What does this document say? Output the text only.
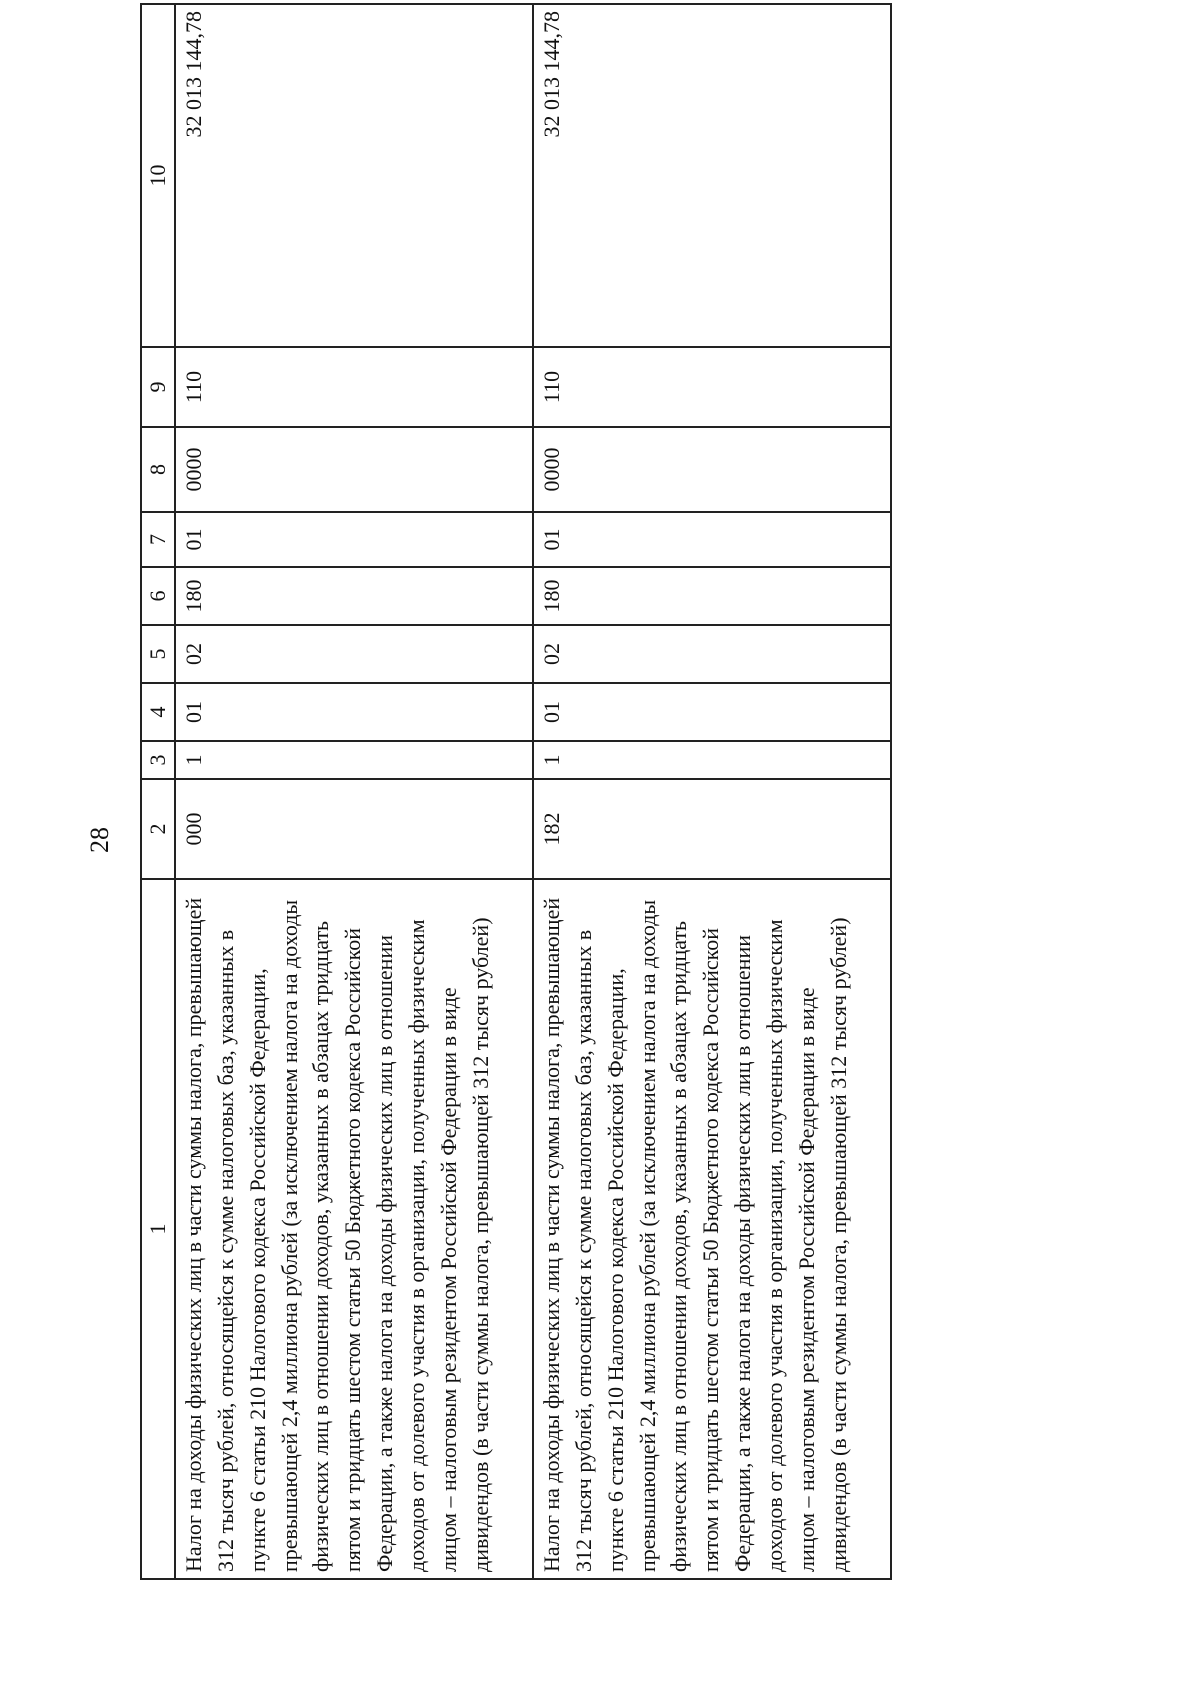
28
1	2	3	4	5	6	7	8	9	10
Налог на доходы физических лиц в части суммы налога, превышающей 312 тысяч рублей, относящейся к сумме налоговых баз, указанных в пункте 6 статьи 210 Налогового кодекса Российской Федерации, превышающей 2,4 миллиона рублей (за исключением налога на доходы физических лиц в отношении доходов, указанных в абзацах тридцать пятом и тридцать шестом статьи 50 Бюджетного кодекса Российской Федерации, а также налога на доходы физических лиц в отношении доходов от долевого участия в организации, полученных физическим лицом – налоговым резидентом Российской Федерации в виде дивидендов (в части суммы налога, превышающей 312 тысяч рублей)	000	1	01	02	180	01	0000	110	32 013 144,78
Налог на доходы физических лиц в части суммы налога, превышающей 312 тысяч рублей, относящейся к сумме налоговых баз, указанных в пункте 6 статьи 210 Налогового кодекса Российской Федерации, превышающей 2,4 миллиона рублей (за исключением налога на доходы физических лиц в отношении доходов, указанных в абзацах тридцать пятом и тридцать шестом статьи 50 Бюджетного кодекса Российской Федерации, а также налога на доходы физических лиц в отношении доходов от долевого участия в организации, полученных физическим лицом – налоговым резидентом Российской Федерации в виде дивидендов (в части суммы налога, превышающей 312 тысяч рублей)	182	1	01	02	180	01	0000	110	32 013 144,78
